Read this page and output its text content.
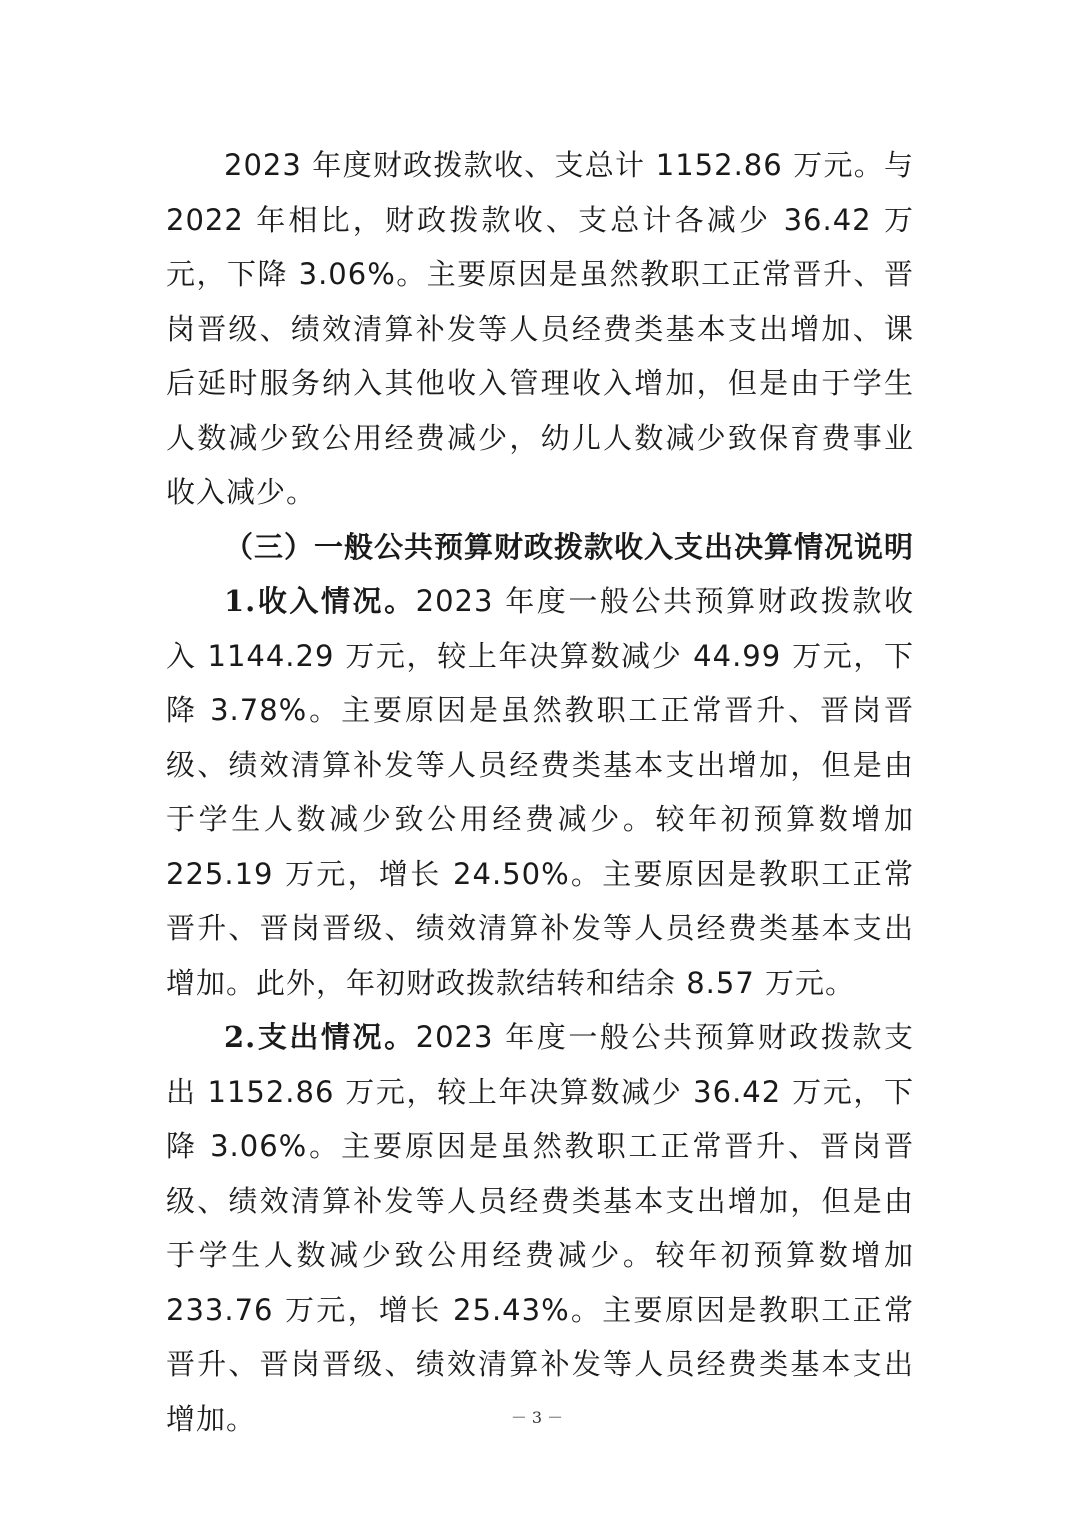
2023 年度财政拨款收、支总计 1152.86 万元。与 2022 年相比，财政拨款收、支总计各减少 36.42 万元，下降 3.06%。主要原因是虽然教职工正常晋升、晋岗晋级、绩效清算补发等人员经费类基本支出增加、课后延时服务纳入其他收入管理收入增加，但是由于学生人数减少致公用经费减少，幼儿人数减少致保育费事业收入减少。

（三）一般公共预算财政拨款收入支出决算情况说明

1.收入情况。2023 年度一般公共预算财政拨款收入 1144.29 万元，较上年决算数减少 44.99 万元，下降 3.78%。主要原因是虽然教职工正常晋升、晋岗晋级、绩效清算补发等人员经费类基本支出增加，但是由于学生人数减少致公用经费减少。较年初预算数增加 225.19 万元，增长 24.50%。主要原因是教职工正常晋升、晋岗晋级、绩效清算补发等人员经费类基本支出增加。此外，年初财政拨款结转和结余 8.57 万元。

2.支出情况。2023 年度一般公共预算财政拨款支出 1152.86 万元，较上年决算数减少 36.42 万元，下降 3.06%。主要原因是虽然教职工正常晋升、晋岗晋级、绩效清算补发等人员经费类基本支出增加，但是由于学生人数减少致公用经费减少。较年初预算数增加 233.76 万元，增长 25.43%。主要原因是教职工正常晋升、晋岗晋级、绩效清算补发等人员经费类基本支出增加。	－ 3 －
